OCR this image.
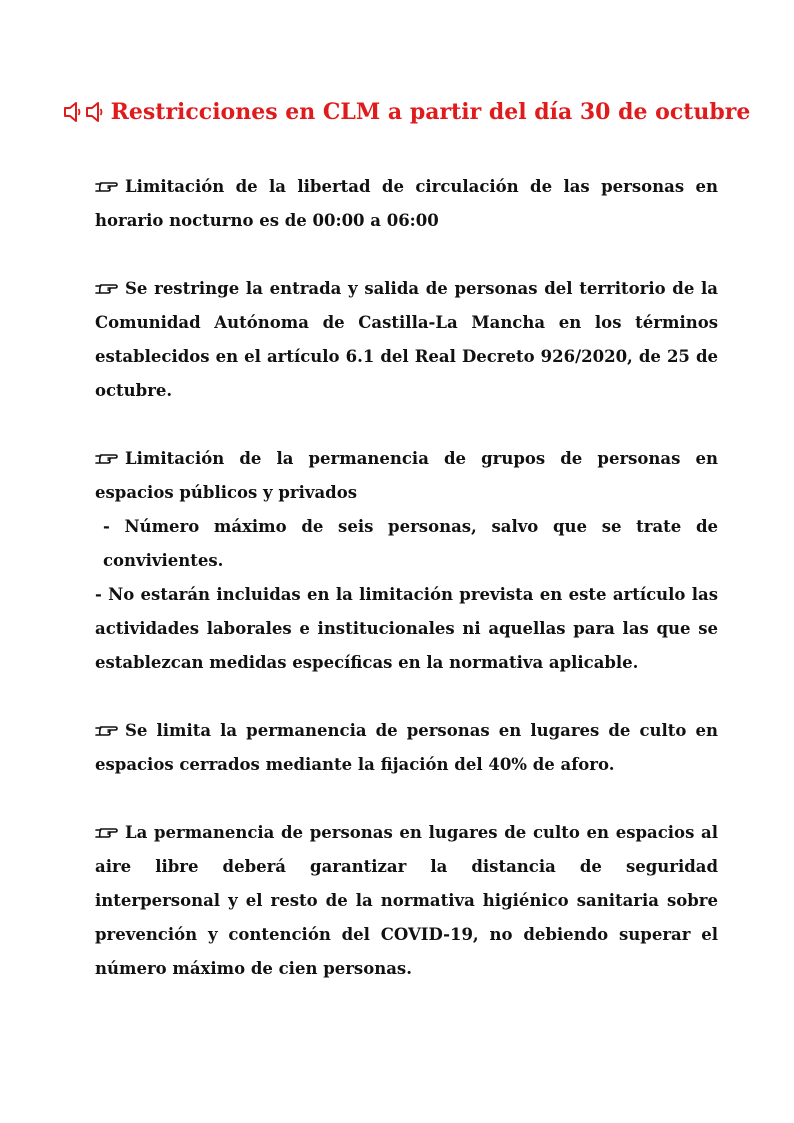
Restricciones en CLM a partir del día 30 de octubre

Limitación de la libertad de circulación de las personas en horario nocturno es de 00:00 a 06:00

Se restringe la entrada y salida de personas del territorio de la Comunidad Autónoma de Castilla-La Mancha en los términos establecidos en el artículo 6.1 del Real Decreto 926/2020, de 25 de octubre.

Limitación de la permanencia de grupos de personas en espacios públicos y privados

- Número máximo de seis personas, salvo que se trate de convivientes.

- No estarán incluidas en la limitación prevista en este artículo las actividades laborales e institucionales ni aquellas para las que se establezcan medidas específicas en la normativa aplicable.

Se limita la permanencia de personas en lugares de culto en espacios cerrados mediante la fijación del 40% de aforo.

La permanencia de personas en lugares de culto en espacios al aire libre deberá garantizar la distancia de seguridad interpersonal y el resto de la normativa higiénico sanitaria sobre prevención y contención del COVID-19, no debiendo superar el número máximo de cien personas.
